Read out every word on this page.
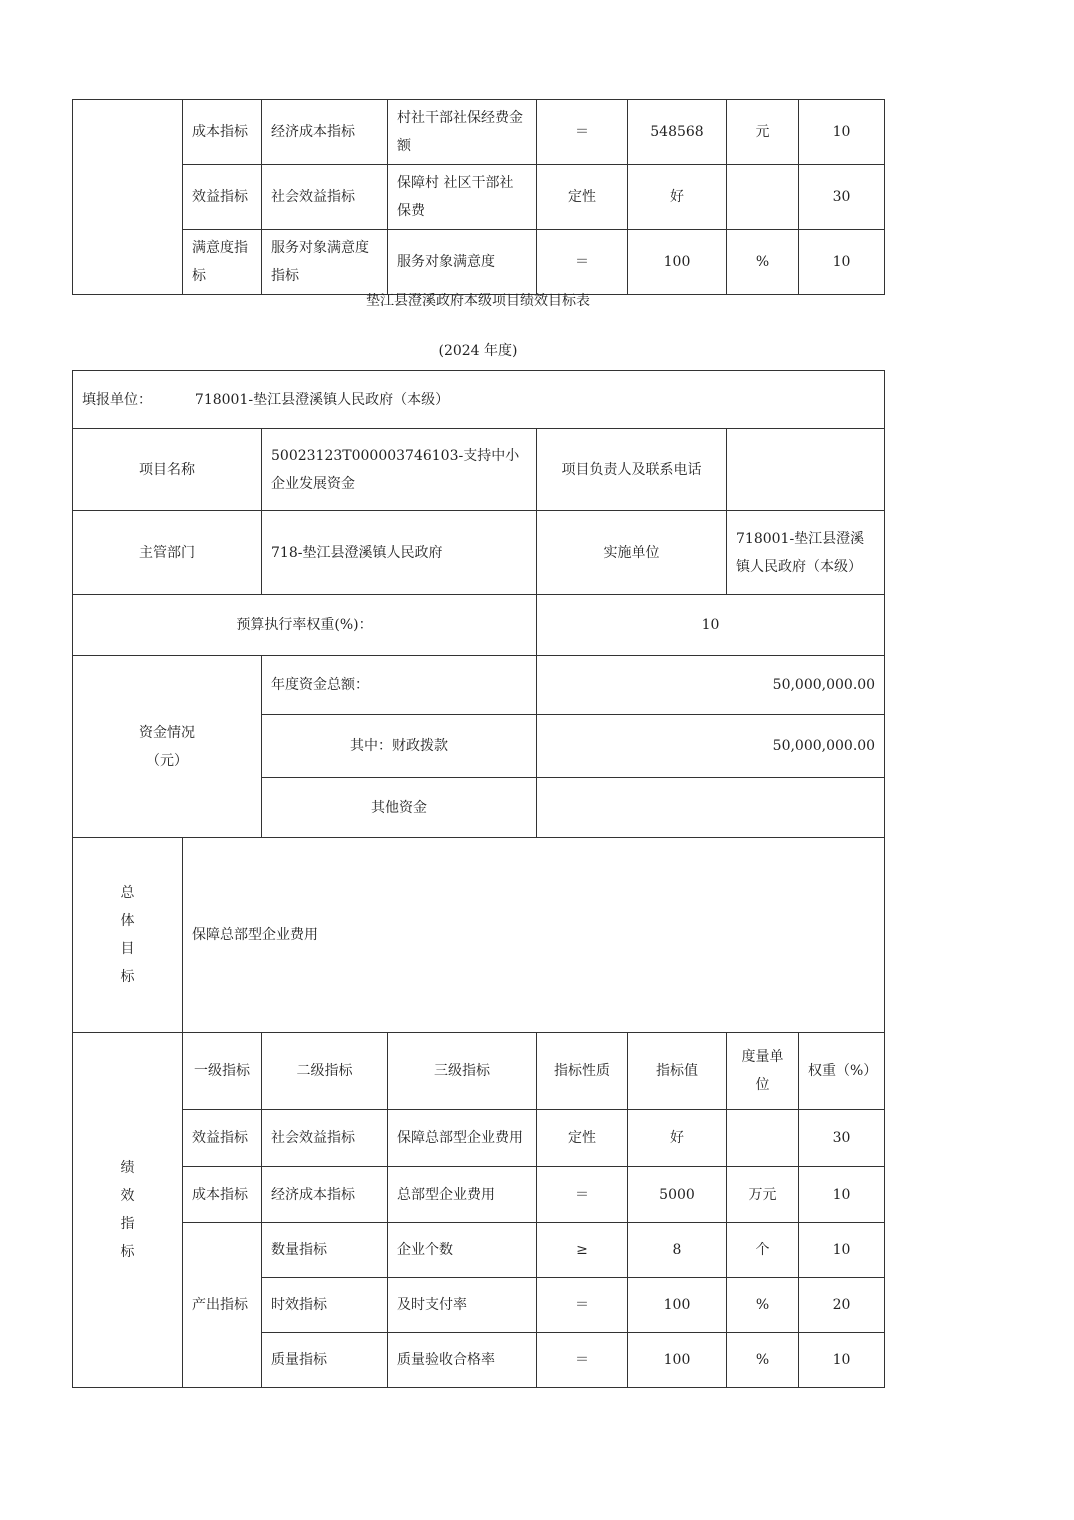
	成本指标	经济成本指标	村社干部社保经费金额	＝	548568	元	10
	效益指标	社会效益指标	保障村 社区干部社保费	定性	好		30
	满意度指标	服务对象满意度指标	服务对象满意度	＝	100	%	10
垫江县澄溪政府本级项目绩效目标表
(2024 年度)
填报单位： 718001-垫江县澄溪镇人民政府（本级）							
项目名称		50023123T000003746103-支持中小企业发展资金		项目负责人及联系电话			
主管部门		718-垫江县澄溪镇人民政府		实施单位		718001-垫江县澄溪镇人民政府（本级）	
预算执行率权重(%)：				10			

资金情况
（元）		年度资金总额：		50,000,000.00			
		其中：财政拨款		50,000,000.00			
		其他资金					
总体目标	保障总部型企业费用						
绩效指标	一级指标	二级指标	三级指标	指标性质	指标值	度量单位	权重（%）
	效益指标	社会效益指标	保障总部型企业费用	定性	好		30
	成本指标	经济成本指标	总部型企业费用	＝	5000	万元	10
	产出指标	数量指标	企业个数	≥	8	个	10
		时效指标	及时支付率	＝	100	%	20
		质量指标	质量验收合格率	＝	100	%	10
